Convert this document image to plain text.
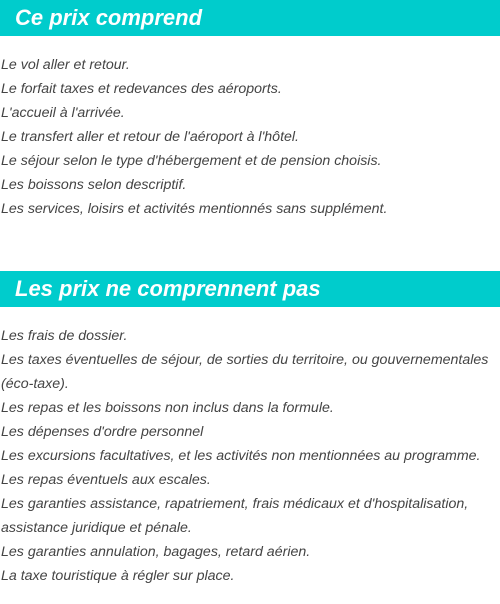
Ce prix comprend
Le vol aller et retour.
Le forfait taxes et redevances des aéroports.
L'accueil à l'arrivée.
Le transfert aller et retour de l'aéroport à l'hôtel.
Le séjour selon le type d'hébergement et de pension choisis.
Les boissons selon descriptif.
Les services, loisirs et activités mentionnés sans supplément.
Les prix ne comprennent pas
Les frais de dossier.
Les taxes éventuelles de séjour, de sorties du territoire, ou gouvernementales (éco-taxe).
Les repas et les boissons non inclus dans la formule.
Les dépenses d'ordre personnel
Les excursions facultatives, et les activités non mentionnées au programme.
Les repas éventuels aux escales.
Les garanties assistance, rapatriement, frais médicaux et d'hospitalisation, assistance juridique et pénale.
Les garanties annulation, bagages, retard aérien.
La taxe touristique à régler sur place.
